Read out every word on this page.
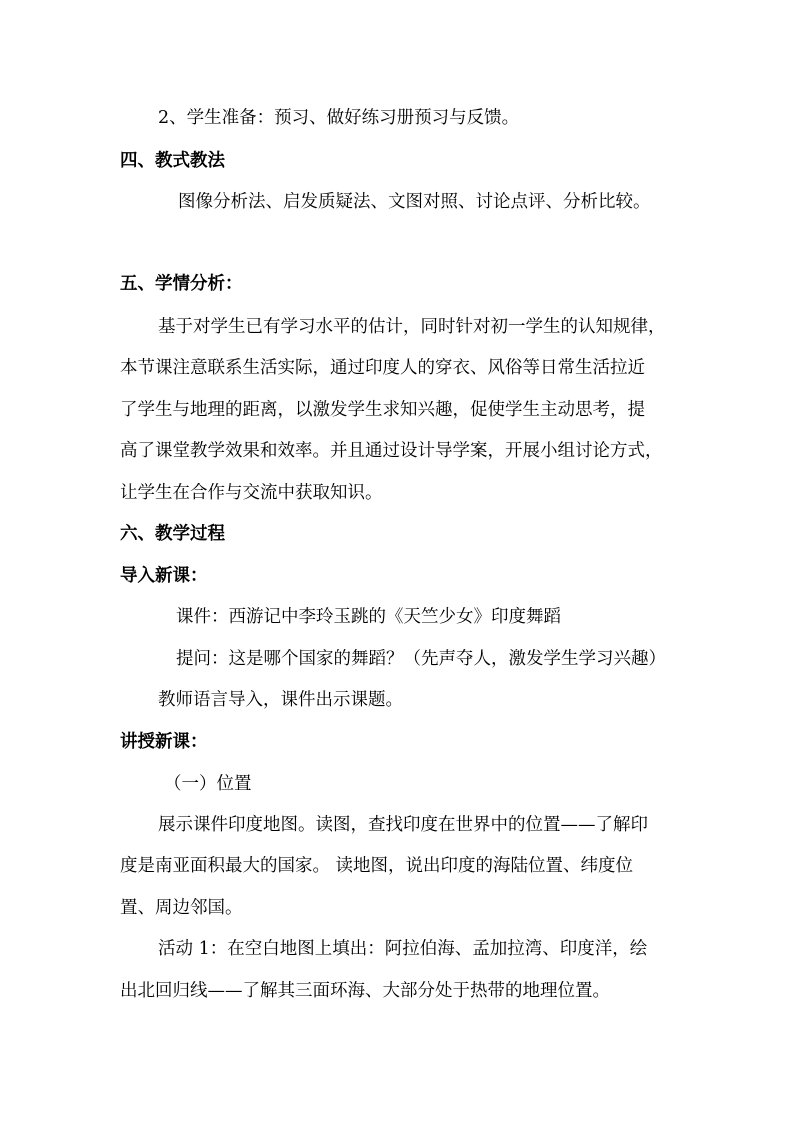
2、学生准备：预习、做好练习册预习与反馈。
四、教式教法
图像分析法、启发质疑法、文图对照、讨论点评、分析比较。
五、学情分析：
基于对学生已有学习水平的估计，同时针对初一学生的认知规律，
本节课注意联系生活实际，通过印度人的穿衣、风俗等日常生活拉近
了学生与地理的距离，以激发学生求知兴趣，促使学生主动思考，提
高了课堂教学效果和效率。并且通过设计导学案，开展小组讨论方式，
让学生在合作与交流中获取知识。
六、教学过程
导入新课：
课件：西游记中李玲玉跳的《天竺少女》印度舞蹈
提问：这是哪个国家的舞蹈？（先声夺人，激发学生学习兴趣）
教师语言导入，课件出示课题。
讲授新课：
（一）位置
展示课件印度地图。读图，查找印度在世界中的位置——了解印
度是南亚面积最大的国家。 读地图，说出印度的海陆位置、纬度位
置、周边邻国。
活动 1：在空白地图上填出：阿拉伯海、孟加拉湾、印度洋，绘
出北回归线——了解其三面环海、大部分处于热带的地理位置。
